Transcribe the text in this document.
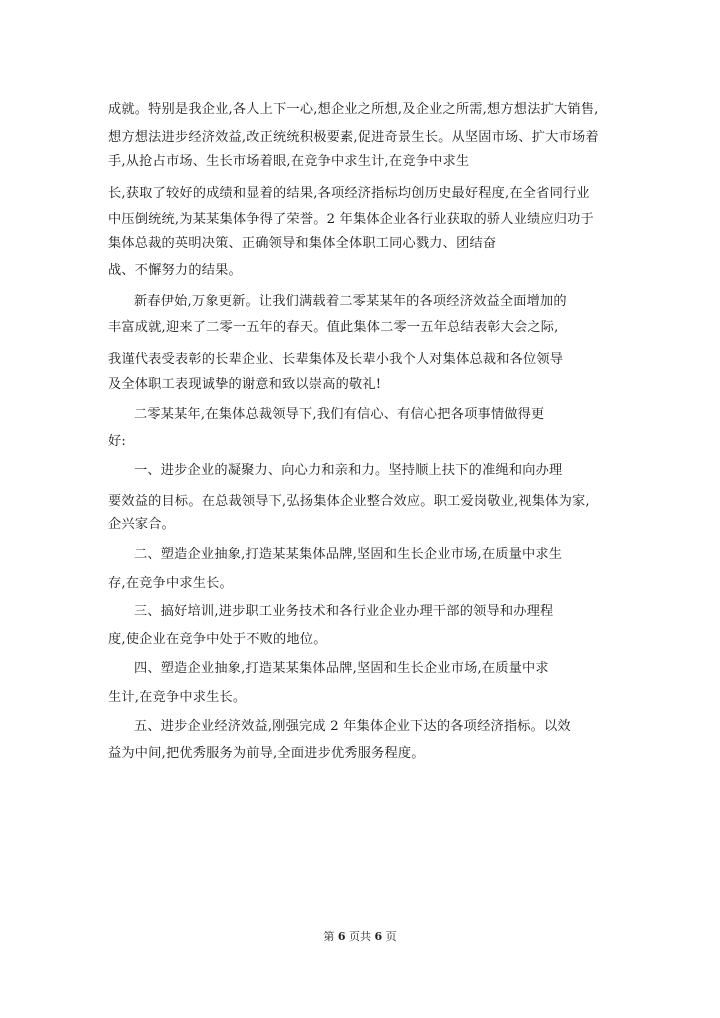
成就。特别是我企业,各人上下一心,想企业之所想,及企业之所需,想方想法扩大销售,
想方想法进步经济效益,改正统统积极要素,促进奇景生长。从坚固市场、扩大市场着
手,从抢占市场、生长市场着眼,在竞争中求生计,在竞争中求生
长,获取了较好的成绩和显着的结果,各项经济指标均创历史最好程度,在全省同行业
中压倒统统,为某某集体争得了荣誉。2 年集体企业各行业获取的骄人业绩应归功于
集体总裁的英明决策、正确领导和集体全体职工同心戮力、团结奋
战、不懈努力的结果。
新春伊始,万象更新。让我们满载着二零某某年的各项经济效益全面增加的
丰富成就,迎来了二零一五年的春天。值此集体二零一五年总结表彰大会之际,
我谨代表受表彰的长辈企业、长辈集体及长辈小我个人对集体总裁和各位领导
及全体职工表现诚挚的谢意和致以崇高的敬礼!
二零某某年,在集体总裁领导下,我们有信心、有信心把各项事情做得更
好:
一、进步企业的凝聚力、向心力和亲和力。坚持顺上扶下的准绳和向办理
要效益的目标。在总裁领导下,弘扬集体企业整合效应。职工爱岗敬业,视集体为家,
企兴家合。
二、塑造企业抽象,打造某某集体品牌,坚固和生长企业市场,在质量中求生
存,在竞争中求生长。
三、搞好培训,进步职工业务技术和各行业企业办理干部的领导和办理程
度,使企业在竞争中处于不败的地位。
四、塑造企业抽象,打造某某集体品牌,坚固和生长企业市场,在质量中求
生计,在竞争中求生长。
五、进步企业经济效益,刚强完成 2 年集体企业下达的各项经济指标。以效
益为中间,把优秀服务为前导,全面进步优秀服务程度。
第 6 页共 6 页
